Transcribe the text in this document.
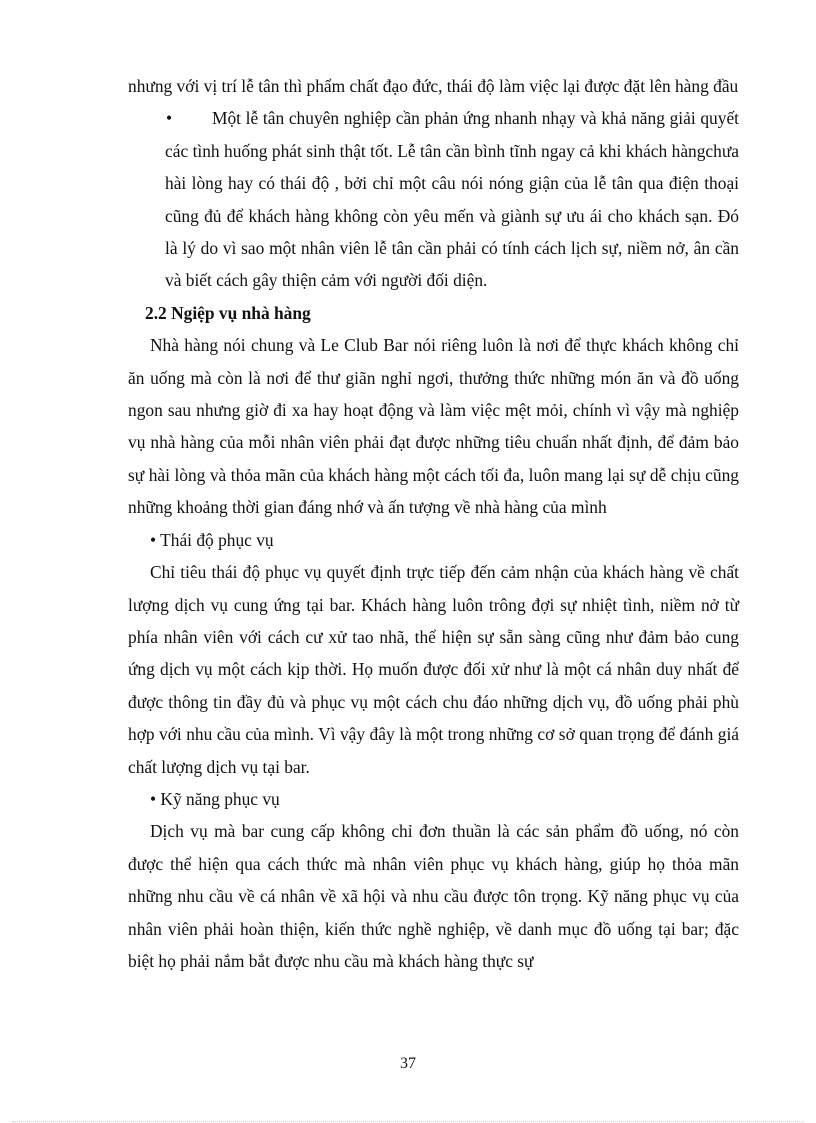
nhưng với vị trí lễ tân thì phẩm chất đạo đức, thái độ làm việc lại được đặt lên hàng đầu

•	Một lễ tân chuyên nghiệp cần phản ứng nhanh nhạy và khả năng giải quyết các tình huống phát sinh thật tốt. Lễ tân cần bình tĩnh ngay cả khi khách hàngchưa hài lòng hay có thái độ , bởi chỉ một câu nói nóng giận của lễ tân qua điện thoại cũng đủ để khách hàng không còn yêu mến và giành sự ưu ái cho khách sạn. Đó là lý do vì sao một nhân viên lễ tân cần phải có tính cách lịch sự, niềm nở, ân cần và biết cách gây thiện cảm với người đối diện.

2.2 Ngiệp vụ nhà hàng

Nhà hàng nói chung và Le Club Bar nói riêng luôn là nơi để thực khách không chỉ ăn uống mà còn là nơi để thư giãn nghỉ ngơi, thưởng thức những món ăn và đồ uống ngon sau nhưng giờ đi xa hay hoạt động và làm việc mệt mỏi, chính vì vậy mà nghiệp vụ nhà hàng của mỗi nhân viên phải đạt được những tiêu chuẩn nhất định, để đảm bảo sự hài lòng và thỏa mãn của khách hàng một cách tối đa, luôn mang lại sự dễ chịu cũng những khoảng thời gian đáng nhớ và ấn tượng về nhà hàng của mình

• Thái độ phục vụ

Chỉ tiêu thái độ phục vụ quyết định trực tiếp đến cảm nhận của khách hàng về chất lượng dịch vụ cung ứng tại bar. Khách hàng luôn trông đợi sự nhiệt tình, niềm nở từ phía nhân viên với cách cư xử tao nhã, thể hiện sự sẵn sàng cũng như đảm bảo cung ứng dịch vụ một cách kịp thời. Họ muốn được đối xử như là một cá nhân duy nhất để được thông tin đầy đủ và phục vụ một cách chu đáo những dịch vụ, đồ uống phải phù hợp với nhu cầu của mình. Vì vậy đây là một trong những cơ sở quan trọng để đánh giá chất lượng dịch vụ tại bar.

• Kỹ năng phục vụ

Dịch vụ mà bar cung cấp không chỉ đơn thuần là các sản phẩm đồ uống, nó còn được thể hiện qua cách thức mà nhân viên phục vụ khách hàng, giúp họ thỏa mãn những nhu cầu về cá nhân về xã hội và nhu cầu được tôn trọng. Kỹ năng phục vụ của nhân viên phải hoàn thiện, kiến thức nghề nghiệp, về danh mục đồ uống tại bar; đặc biệt họ phải nắm bắt được nhu cầu mà khách hàng thực sự

37
